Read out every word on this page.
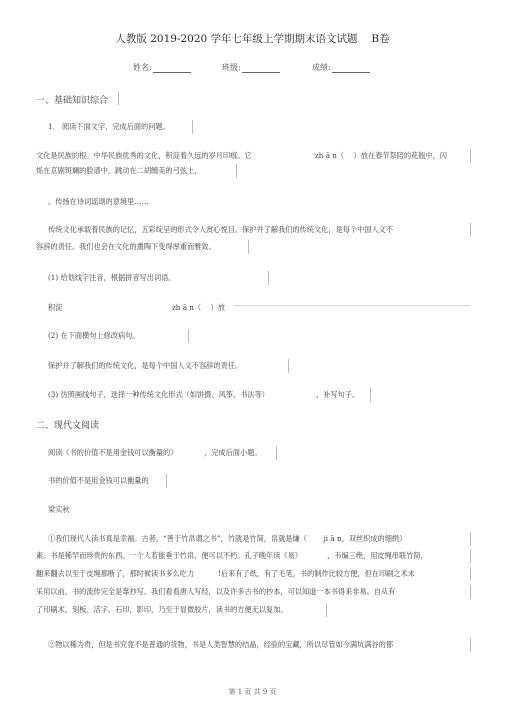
人教版 2019-2020 学年七年级上学期期末语文试题　 B卷
姓名:	班级:	成绩:
一、基础知识综合
1． 阅读下面文字，完成后面的问题。
文化是民族的根。中华民族优秀的文化，积淀着久远的岁月印痕。它	zh ā n（　 ）放在春节祭陪的花瓶中，闪
烁在京剧斑斓的脸谱中，跳动在二胡缠美的弓弦上，
。传扬在诗词谣颂的意境里……
传统文化承载着民族的记忆，五彩绽呈的形式令人赏心悦目。保护并了解我们的传统文化，是每个中国人义不
容辞的责任。我们也会在文化的熏陶下变得厚重而雅致。
(1) 给划线字注音，根据拼音写出词语。
积淀	zh ā n（　 ）放
(2) 在下面横句上修改病句。
保护并了解我们的传统文化，是每个中国人义不容辞的责任。
(3) 仿照画线句子，选择一种传统文化形式（如饼摄、风筝、书法等）	，补写句子。
二、现代文阅读
阅读《书的价值不是用金钱可以衡量的》	，完成后面小题。
书的价值不是用金钱可以衡量的
梁实秋
①我们现代人读书真是幸福。古者，“善于竹帛谓之书”，竹就是竹简，帛就是缣（　　 ji ā n，双丝织成的细绢）
素。书是稀罕而珍贵的东西。一个人若能垂于竹帛，便可以不朽。孔子晚年读《易》　　　　，韦编三绝，用皮绳串联竹简，
翻来翻去以至于皮绳都断了，那时候读书多么吃力　　　 !后来有了纸，有了毛笔，书的制作比较方便，但在印刷之术未
采用以前，书的流传完全是靠抄写。我们看看唐人写经，以及许多古书的抄本，可以知道一本书得来非易。自从有
了印刷术，刻板、活字、石印，影印，乃至于显微胶片，读书的方便无以复加。
②物以稀为贵，但是书究竟不是普通的货物，书是人类智慧的结晶，经验的宝藏，所以尽管如今满坑满谷的都
第 1 页 共 9 页
